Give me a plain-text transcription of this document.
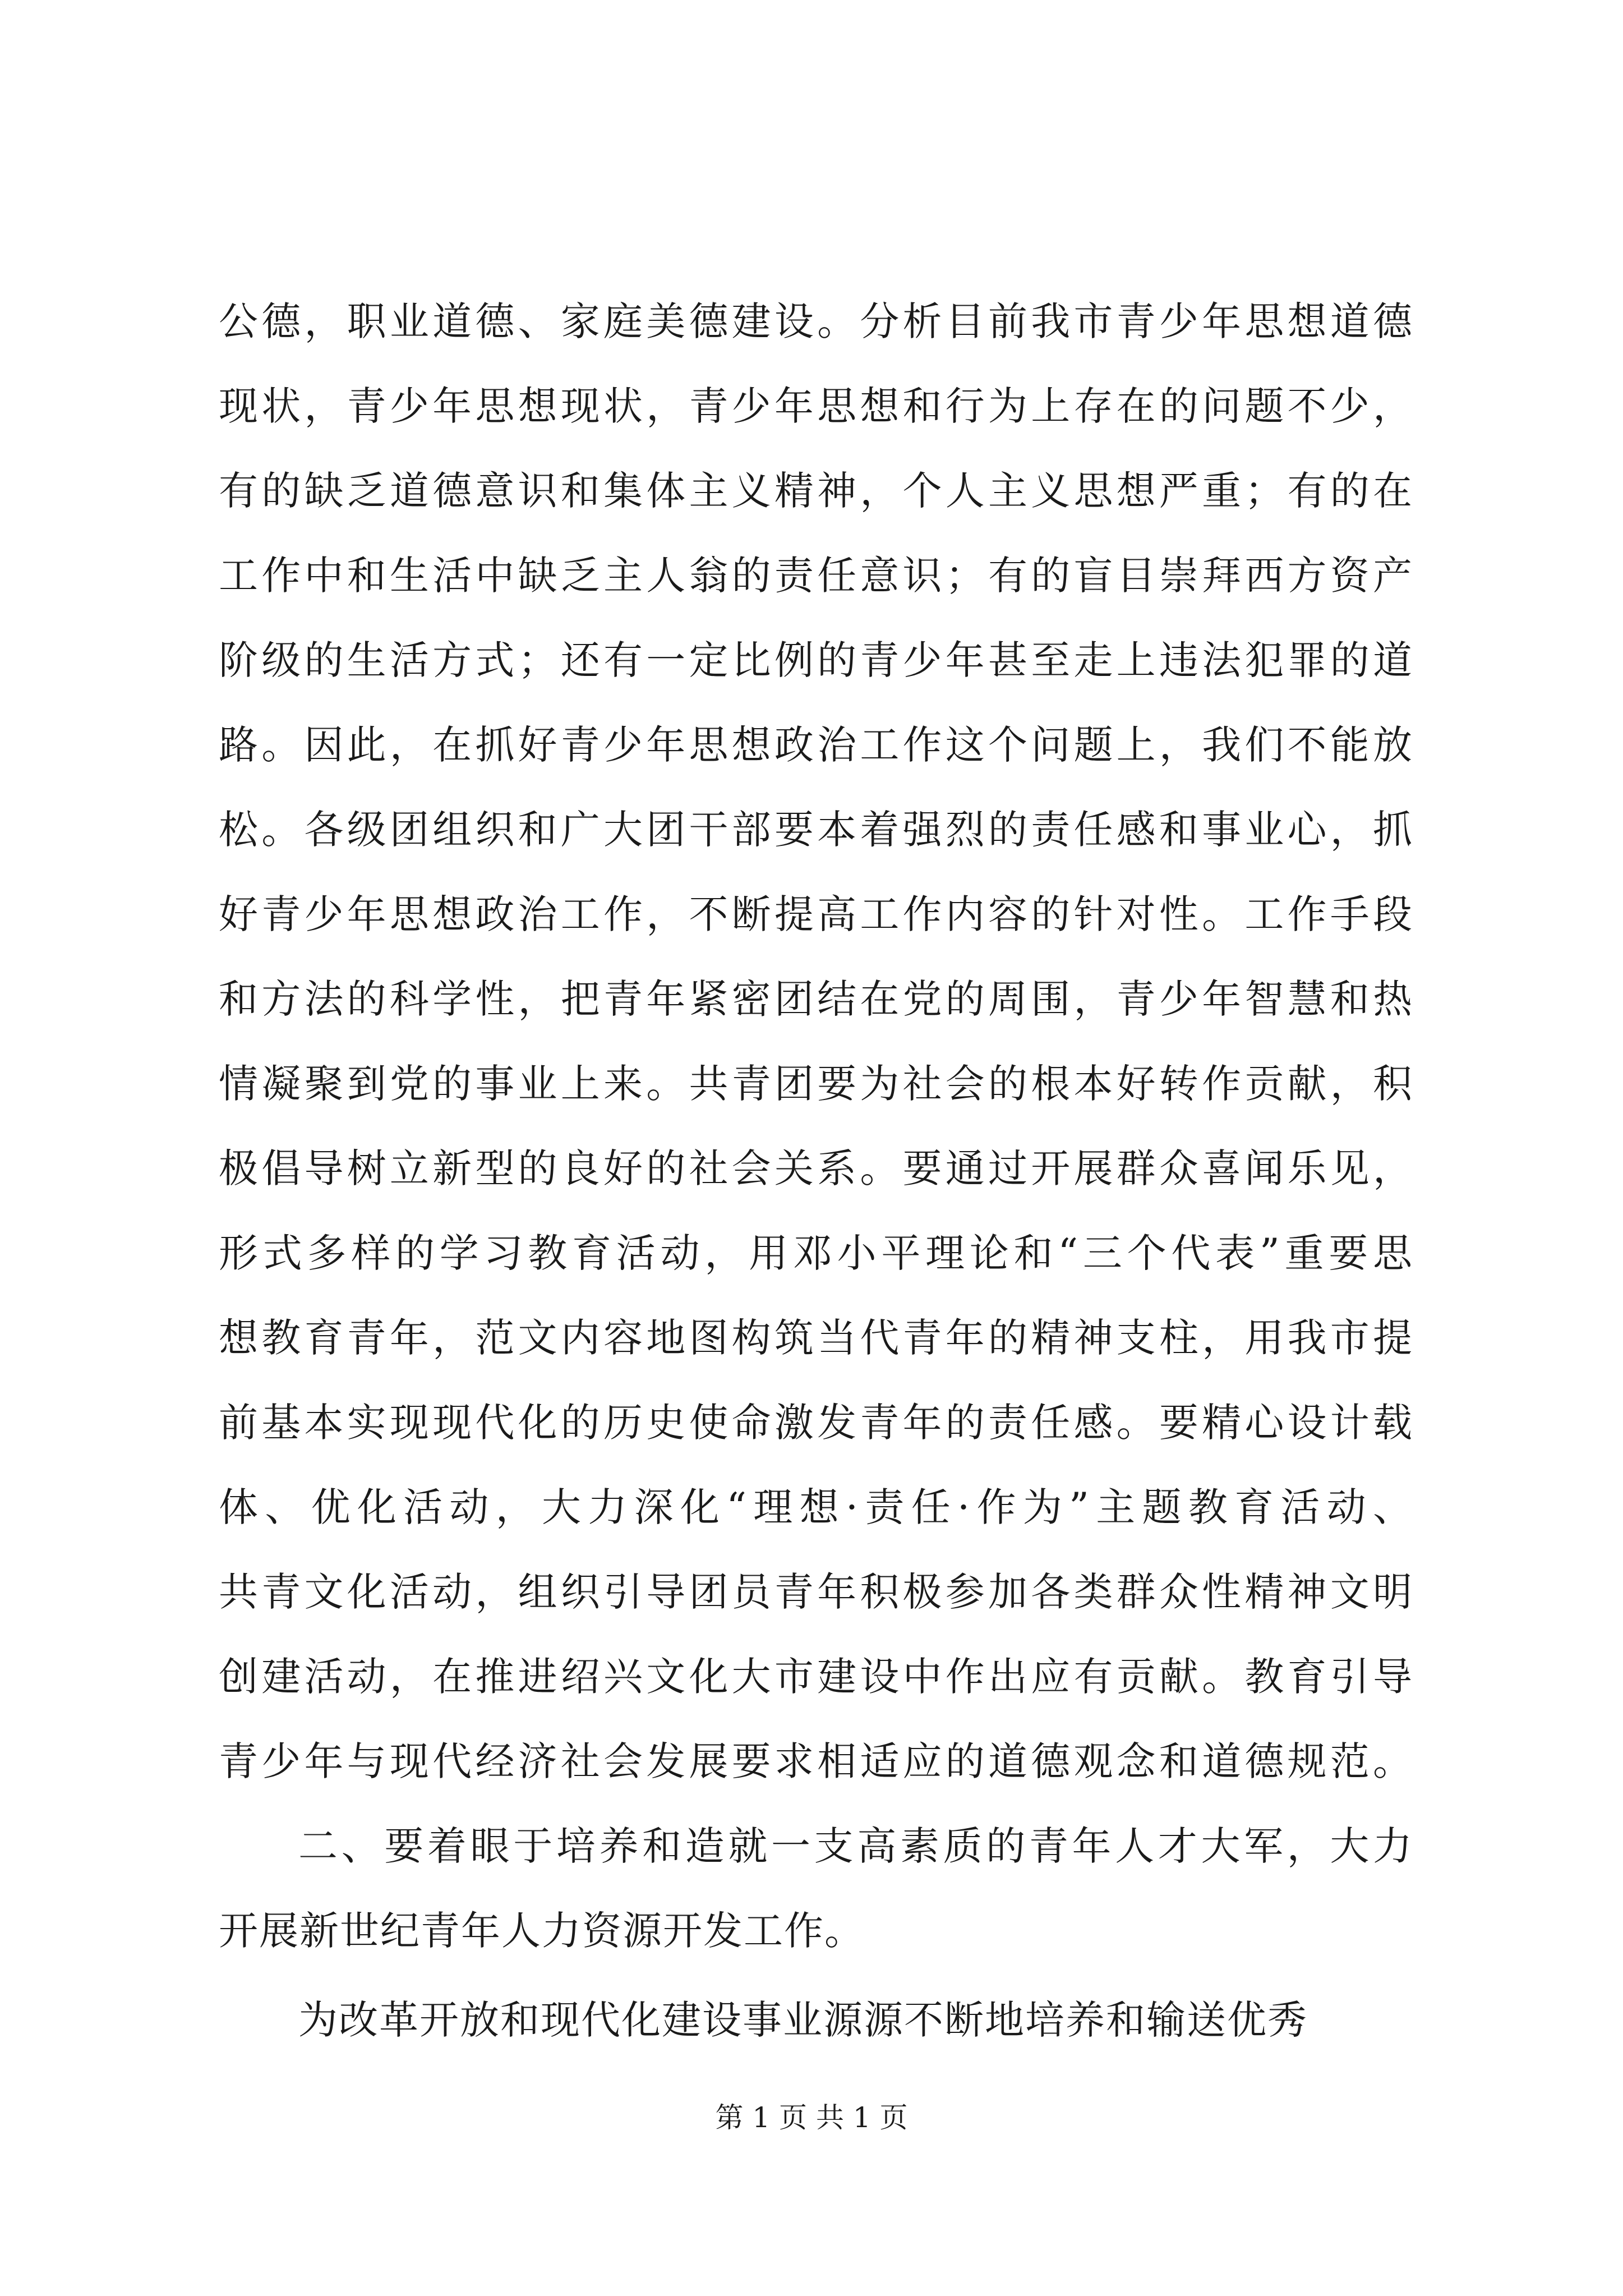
公德，职业道德、家庭美德建设。分析目前我市青少年思想道德
现状，青少年思想现状，青少年思想和行为上存在的问题不少，
有的缺乏道德意识和集体主义精神，个人主义思想严重；有的在
工作中和生活中缺乏主人翁的责任意识；有的盲目崇拜西方资产
阶级的生活方式；还有一定比例的青少年甚至走上违法犯罪的道
路。因此，在抓好青少年思想政治工作这个问题上，我们不能放
松。各级团组织和广大团干部要本着强烈的责任感和事业心，抓
好青少年思想政治工作，不断提高工作内容的针对性。工作手段
和方法的科学性，把青年紧密团结在党的周围，青少年智慧和热
情凝聚到党的事业上来。共青团要为社会的根本好转作贡献，积
极倡导树立新型的良好的社会关系。要通过开展群众喜闻乐见，
形式多样的学习教育活动，用邓小平理论和“三个代表”重要思
想教育青年，范文内容地图构筑当代青年的精神支柱，用我市提
前基本实现现代化的历史使命激发青年的责任感。要精心设计载
体、优化活动，大力深化“理想·责任·作为”主题教育活动、
共青文化活动，组织引导团员青年积极参加各类群众性精神文明
创建活动，在推进绍兴文化大市建设中作出应有贡献。教育引导
青少年与现代经济社会发展要求相适应的道德观念和道德规范。
二、要着眼于培养和造就一支高素质的青年人才大军，大力
开展新世纪青年人力资源开发工作。
为改革开放和现代化建设事业源源不断地培养和输送优秀
第 1 页 共 1 页
